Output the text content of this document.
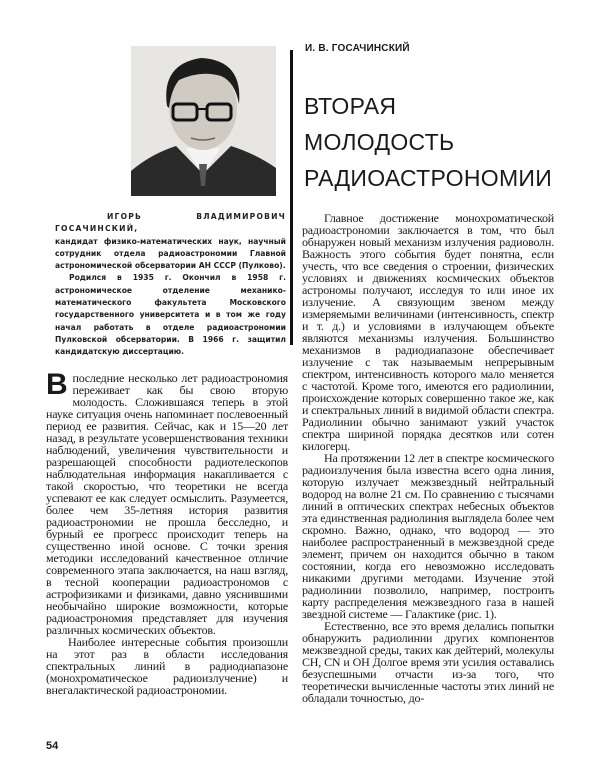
И. В. ГОСАЧИНСКИЙ
ВТОРАЯ
МОЛОДОСТЬ
РАДИОАСТРОНОМИИ

ИГОРЬ ВЛАДИМИРОВИЧ ГОСАЧИНСКИЙ,
кандидат физико-математических наук, научный сотрудник отдела радиоастрономии Главной астрономической обсерватории АН СССР (Пулково).

Родился в 1935 г. Окончил в 1958 г. астрономическое отделение механико-математического факультета Московского государственного университета и в том же году начал работать в отделе радиоастрономии Пулковской обсерватории. В 1966 г. защитил кандидатскую диссертацию.

Впоследние несколько лет радиоастрономия переживает как бы свою вторую молодость. Сложившаяся теперь в этой науке ситуация очень напоминает послевоенный период ее развития. Сейчас, как и 15—20 лет назад, в результате усовершенствования техники наблюдений, увеличения чувствительности и разрешающей способности радиотелескопов наблюдательная информация накапливается с такой скоростью, что теоретики не всегда успевают ее как следует осмыслить. Разумеется, более чем 35-летняя история развития радиоастрономии не прошла бесследно, и бурный ее прогресс происходит теперь на существенно иной основе. С точки зрения методики исследований качественное отличие современного этапа заключается, на наш взгляд, в тесной кооперации радиоастрономов с астрофизиками и физиками, давно уяснившими необычайно широкие возможности, которые радиоастрономия представляет для изучения различных космических объектов.

Наиболее интересные события произошли на этот раз в области исследования спектральных линий в радиодиапазоне (монохроматическое радиоизлучение) и внегалактической радиоастрономии.

Главное достижение монохроматической радиоастрономии заключается в том, что был обнаружен новый механизм излучения радиоволн. Важность этого события будет понятна, если учесть, что все сведения о строении, физических условиях и движениях космических объектов астрономы получают, исследуя то или иное их излучение. А связующим звеном между измеряемыми величинами (интенсивность, спектр и т. д.) и условиями в излучающем объекте являются механизмы излучения. Большинство механизмов в радиодиапазоне обеспечивает излучение с так называемым непрерывным спектром, интенсивность которого мало меняется с частотой. Кроме того, имеются его радиолинии, происхождение которых совершенно такое же, как и спектральных линий в видимой области спектра. Радиолинии обычно занимают узкий участок спектра шириной порядка десятков или сотен килогерц.

На протяжении 12 лет в спектре космического радиоизлучения была известна всего одна линия, которую излучает межзвездный нейтральный водород на волне 21 см. По сравнению с тысячами линий в оптических спектрах небесных объектов эта единственная радиолиния выглядела более чем скромно. Важно, однако, что водород — это наиболее распространенный в межзвездной среде элемент, причем он находится обычно в таком состоянии, когда его невозможно исследовать никакими другими методами. Изучение этой радиолинии позволило, например, построить карту распределения межзвездного газа в нашей звездной системе — Галактике (рис. 1).

Естественно, все это время делались попытки обнаружить радиолинии других компонентов межзвездной среды, таких как дейтерий, молекулы CH, CN и OH Долгое время эти усилия оставались безуспешными отчасти из-за того, что теоретически вычисленные частоты этих линий не обладали точностью, до-

54
